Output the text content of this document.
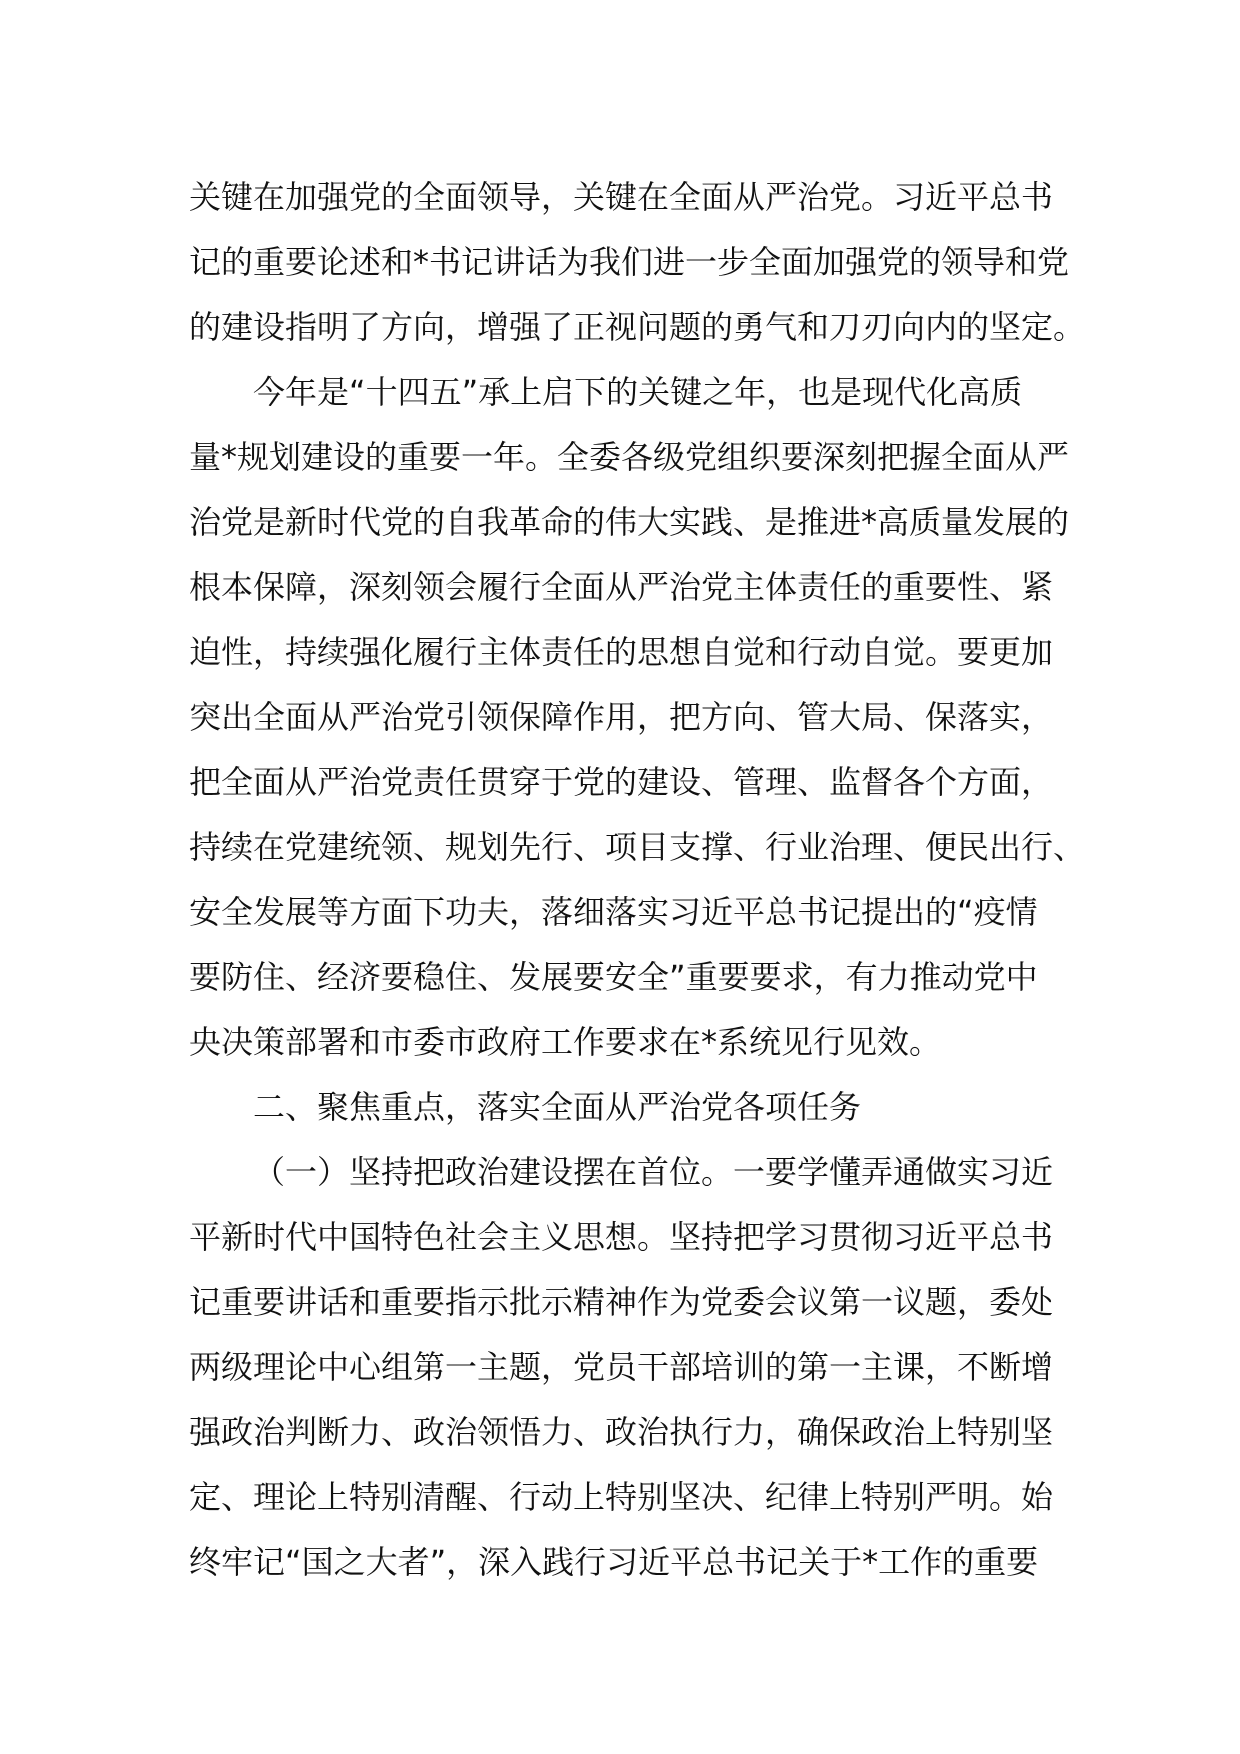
关键在加强党的全面领导，关键在全面从严治党。习近平总书
记的重要论述和*书记讲话为我们进一步全面加强党的领导和党
的建设指明了方向，增强了正视问题的勇气和刀刃向内的坚定。
今年是“十四五”承上启下的关键之年，也是现代化高质
量*规划建设的重要一年。全委各级党组织要深刻把握全面从严
治党是新时代党的自我革命的伟大实践、是推进*高质量发展的
根本保障，深刻领会履行全面从严治党主体责任的重要性、紧
迫性，持续强化履行主体责任的思想自觉和行动自觉。要更加
突出全面从严治党引领保障作用，把方向、管大局、保落实，
把全面从严治党责任贯穿于党的建设、管理、监督各个方面，
持续在党建统领、规划先行、项目支撑、行业治理、便民出行、
安全发展等方面下功夫，落细落实习近平总书记提出的“疫情
要防住、经济要稳住、发展要安全”重要要求，有力推动党中
央决策部署和市委市政府工作要求在*系统见行见效。
二、聚焦重点，落实全面从严治党各项任务
（一）坚持把政治建设摆在首位。一要学懂弄通做实习近
平新时代中国特色社会主义思想。坚持把学习贯彻习近平总书
记重要讲话和重要指示批示精神作为党委会议第一议题，委处
两级理论中心组第一主题，党员干部培训的第一主课，不断增
强政治判断力、政治领悟力、政治执行力，确保政治上特别坚
定、理论上特别清醒、行动上特别坚决、纪律上特别严明。始
终牢记“国之大者”，深入践行习近平总书记关于*工作的重要
